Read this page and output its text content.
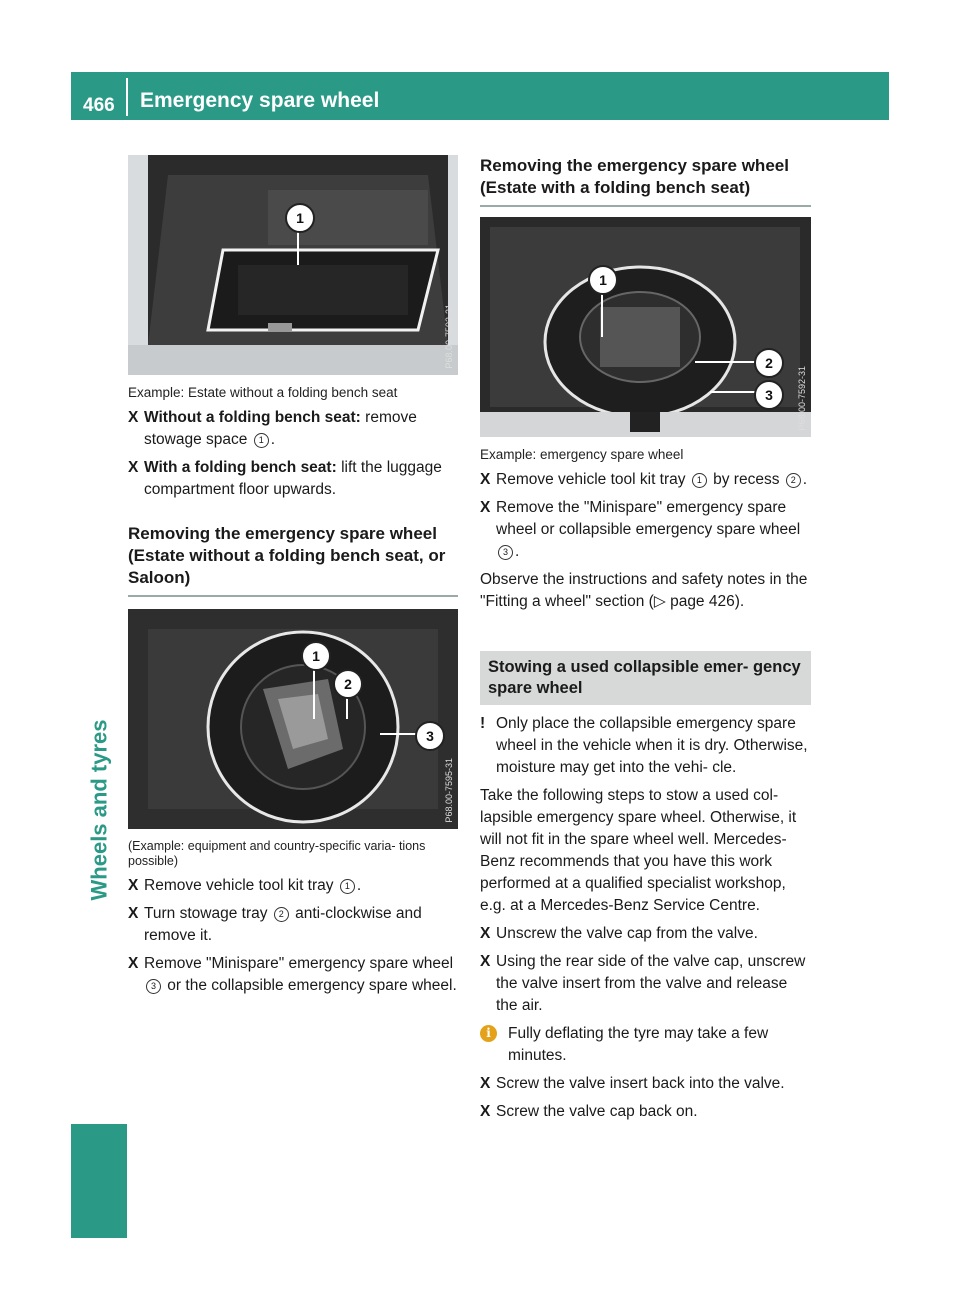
466 Emergency spare wheel
Wheels and tyres
1
P68.00-7593-31
Example: Estate without a folding bench seat
X Without a folding bench seat: remove stowage space 1 .
X With a folding bench seat: lift the luggage compartment floor upwards.
Removing the emergency spare wheel (Estate without a folding bench seat, or Saloon)
1
2
3
P68.00-7595-31
(Example: equipment and country-specific varia- tions possible)
X Remove vehicle tool kit tray 1 .
X Turn stowage tray 2 anti-clockwise and remove it.
X Remove "Minispare" emergency spare wheel 3 or the collapsible emergency spare wheel.
Removing the emergency spare wheel (Estate with a folding bench seat)
1
2
3	P68.00-7592-31
Example: emergency spare wheel
X Remove vehicle tool kit tray 1 by recess 2 .
X Remove the "Minispare" emergency spare wheel or collapsible emergency spare wheel 3 .
Observe the instructions and safety notes in the "Fitting a wheel" section (▷ page 426).
Stowing a used collapsible emer- gency spare wheel
! Only place the collapsible emergency spare wheel in the vehicle when it is dry. Otherwise, moisture may get into the vehi- cle.
Take the following steps to stow a used col- lapsible emergency spare wheel. Otherwise, it will not fit in the spare wheel well. Mercedes-Benz recommends that you have this work performed at a qualified specialist workshop, e.g. at a Mercedes-Benz Service Centre.
X Unscrew the valve cap from the valve.
X Using the rear side of the valve cap, unscrew the valve insert from the valve and release the air.
i	Fully deflating the tyre may take a few minutes.
X Screw the valve insert back into the valve.
X Screw the valve cap back on.
